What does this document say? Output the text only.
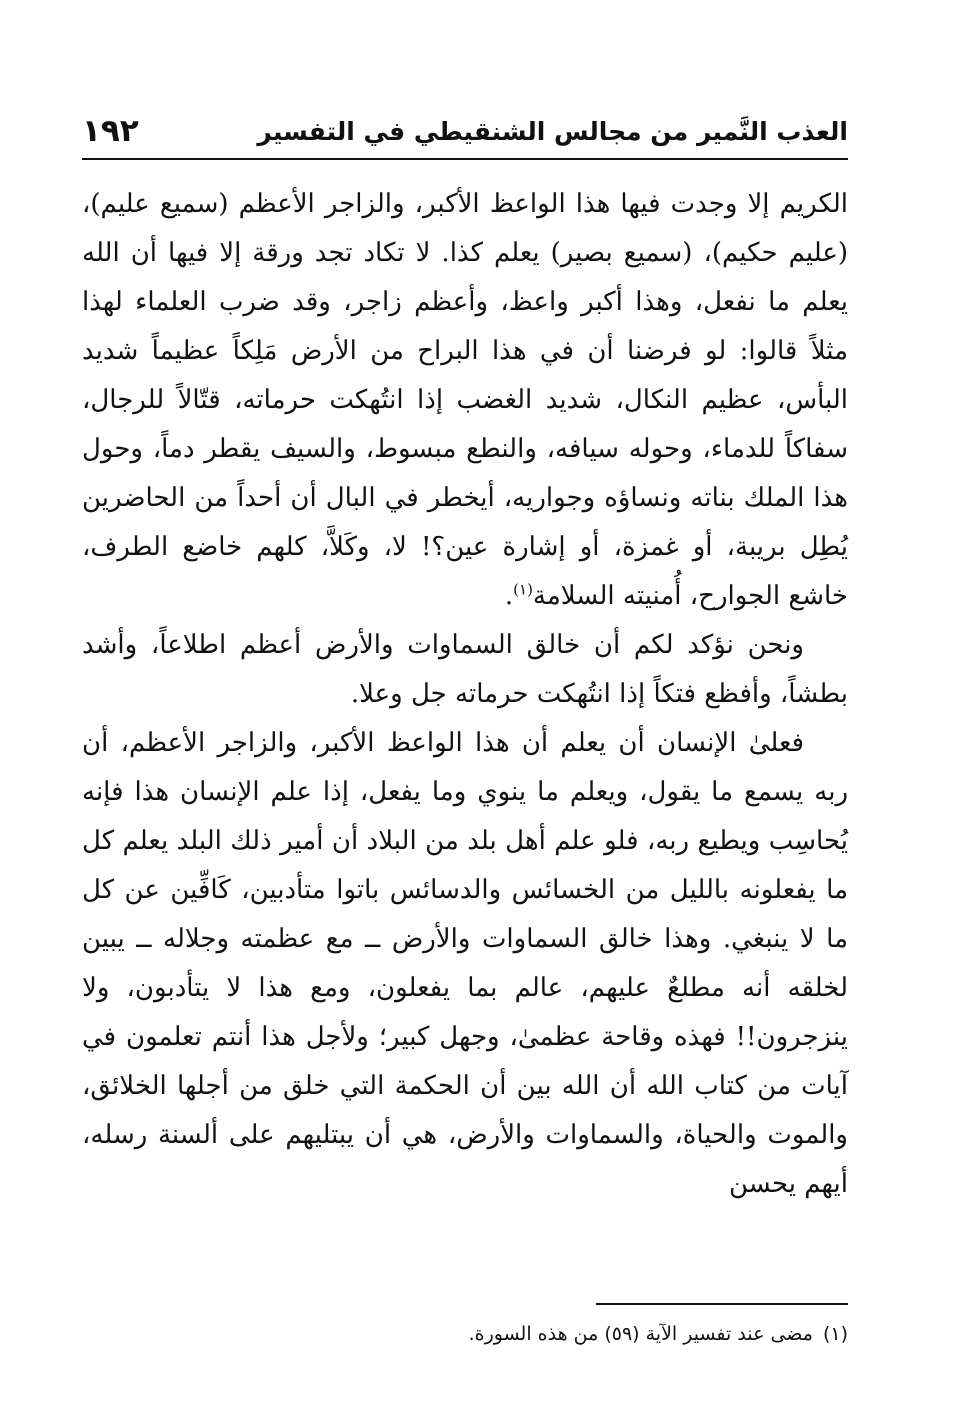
العذب النَّمير من مجالس الشنقيطي في التفسير
١٩٢

الكريم إلا وجدت فيها هذا الواعظ الأكبر، والزاجر الأعظم (سميع عليم)، (عليم حكيم)، (سميع بصير) يعلم كذا. لا تكاد تجد ورقة إلا فيها أن الله يعلم ما نفعل، وهذا أكبر واعظ، وأعظم زاجر، وقد ضرب العلماء لهذا مثلاً قالوا: لو فرضنا أن في هذا البراح من الأرض مَلِكاً عظيماً شديد البأس، عظيم النكال، شديد الغضب إذا انتُهكت حرماته، قتّالاً للرجال، سفاكاً للدماء، وحوله سيافه، والنطع مبسوط، والسيف يقطر دماً، وحول هذا الملك بناته ونساؤه وجواريه، أيخطر في البال أن أحداً من الحاضرين يُطِل بريبة، أو غمزة، أو إشارة عين؟! لا، وكَلاَّ، كلهم خاضع الطرف، خاشع الجوارح، أُمنيته السلامة$^{(١)}$.

ونحن نؤكد لكم أن خالق السماوات والأرض أعظم اطلاعاً، وأشد بطشاً، وأفظع فتكاً إذا انتُهكت حرماته جل وعلا.

فعلىٰ الإنسان أن يعلم أن هذا الواعظ الأكبر، والزاجر الأعظم، أن ربه يسمع ما يقول، ويعلم ما ينوي وما يفعل، إذا علم الإنسان هذا فإنه يُحاسِب ويطيع ربه، فلو علم أهل بلد من البلاد أن أمير ذلك البلد يعلم كل ما يفعلونه بالليل من الخسائس والدسائس باتوا متأدبين، كَافِّين عن كل ما لا ينبغي. وهذا خالق السماوات والأرض ــ مع عظمته وجلاله ــ يبين لخلقه أنه مطلعٌ عليهم، عالم بما يفعلون، ومع هذا لا يتأدبون، ولا ينزجرون!! فهذه وقاحة عظمىٰ، وجهل كبير؛ ولأجل هذا أنتم تعلمون في آيات من كتاب الله أن الله بين أن الحكمة التي خلق من أجلها الخلائق، والموت والحياة، والسماوات والأرض، هي أن يبتليهم على ألسنة رسله، أيهم يحسن

(١)مضى عند تفسير الآية (٥٩) من هذه السورة.
